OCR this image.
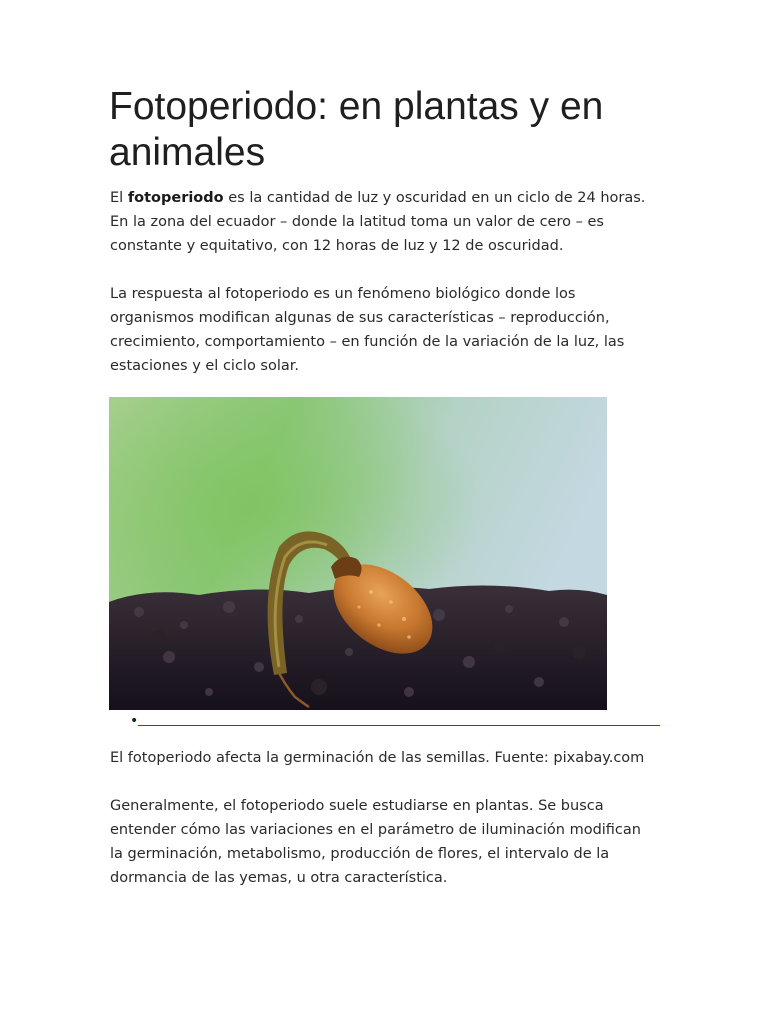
Fotoperiodo: en plantas y en animales

El fotoperiodo es la cantidad de luz y oscuridad en un ciclo de 24 horas. En la zona del ecuador – donde la latitud toma un valor de cero – es constante y equitativo, con 12 horas de luz y 12 de oscuridad.

La respuesta al fotoperiodo es un fenómeno biológico donde los organismos modifican algunas de sus características – reproducción, crecimiento, comportamiento – en función de la variación de la luz, las estaciones y el ciclo solar.

•

El fotoperiodo afecta la germinación de las semillas. Fuente: pixabay.com

Generalmente, el fotoperiodo suele estudiarse en plantas. Se busca entender cómo las variaciones en el parámetro de iluminación modifican la germinación, metabolismo, producción de flores, el intervalo de la dormancia de las yemas, u otra característica.
